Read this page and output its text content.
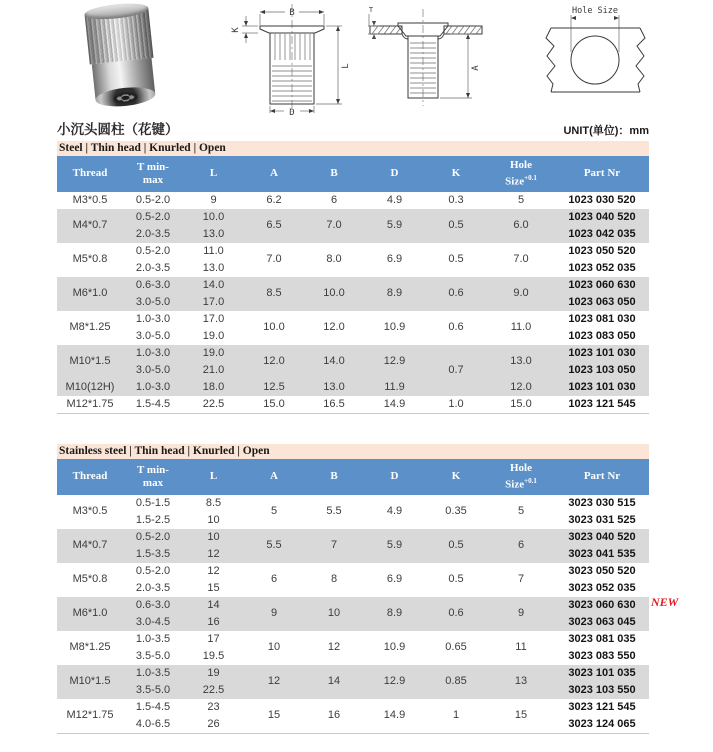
B
K
L
D
T
A
Hole Size
小沉头圆柱（花键）	UNIT(单位)：mm
Steel | Thin head | Knurled | Open
Thread	
T min-
max
	L	A	B	D	K	
Hole
Size$^{+0.1}$	Part Nr
M3*0.5	0.5-2.0	9	6.2	6	4.9	0.3	5	1023 030 520
M4*0.7	0.5-2.0	10.0	6.5	7.0	5.9	0.5	6.0	1023 040 520
	2.0-3.5	13.0						1023 042 035
M5*0.8	0.5-2.0	11.0	7.0	8.0	6.9	0.5	7.0	1023 050 520
	2.0-3.5	13.0						1023 052 035
M6*1.0	0.6-3.0	14.0	8.5	10.0	8.9	0.6	9.0	1023 060 630
	3.0-5.0	17.0						1023 063 050
M8*1.25	1.0-3.0	17.0	10.0	12.0	10.9	0.6	11.0	1023 081 030
	3.0-5.0	19.0						1023 083 050
M10*1.5	1.0-3.0	19.0	12.0	14.0	12.9	0.7	13.0	1023 101 030
	3.0-5.0	21.0						1023 103 050
M10(12H)	1.0-3.0	18.0	12.5	13.0	11.9		12.0	1023 101 030
M12*1.75	1.5-4.5	22.5	15.0	16.5	14.9	1.0	15.0	1023 121 545
Stainless steel | Thin head | Knurled | Open
Thread	
T min-
max
	L	A	B	D	K	
Hole
Size$^{+0.1}$	Part Nr
M3*0.5	0.5-1.5	8.5	5	5.5	4.9	0.35	5	3023 030 515
	1.5-2.5	10						3023 031 525
M4*0.7	0.5-2.0	10	5.5	7	5.9	0.5	6	3023 040 520
	1.5-3.5	12						3023 041 535
M5*0.8	0.5-2.0	12	6	8	6.9	0.5	7	3023 050 520
	2.0-3.5	15						3023 052 035
M6*1.0	0.6-3.0	14	9	10	8.9	0.6	9	3023 060 630
	3.0-4.5	16						3023 063 045
M8*1.25	1.0-3.5	17	10	12	10.9	0.65	11	3023 081 035
	3.5-5.0	19.5						3023 083 550
M10*1.5	1.0-3.5	19	12	14	12.9	0.85	13	3023 101 035
	3.5-5.0	22.5						3023 103 550
M12*1.75	1.5-4.5	23	15	16	14.9	1	15	3023 121 545
	4.0-6.5	26						3023 124 065
NEW
